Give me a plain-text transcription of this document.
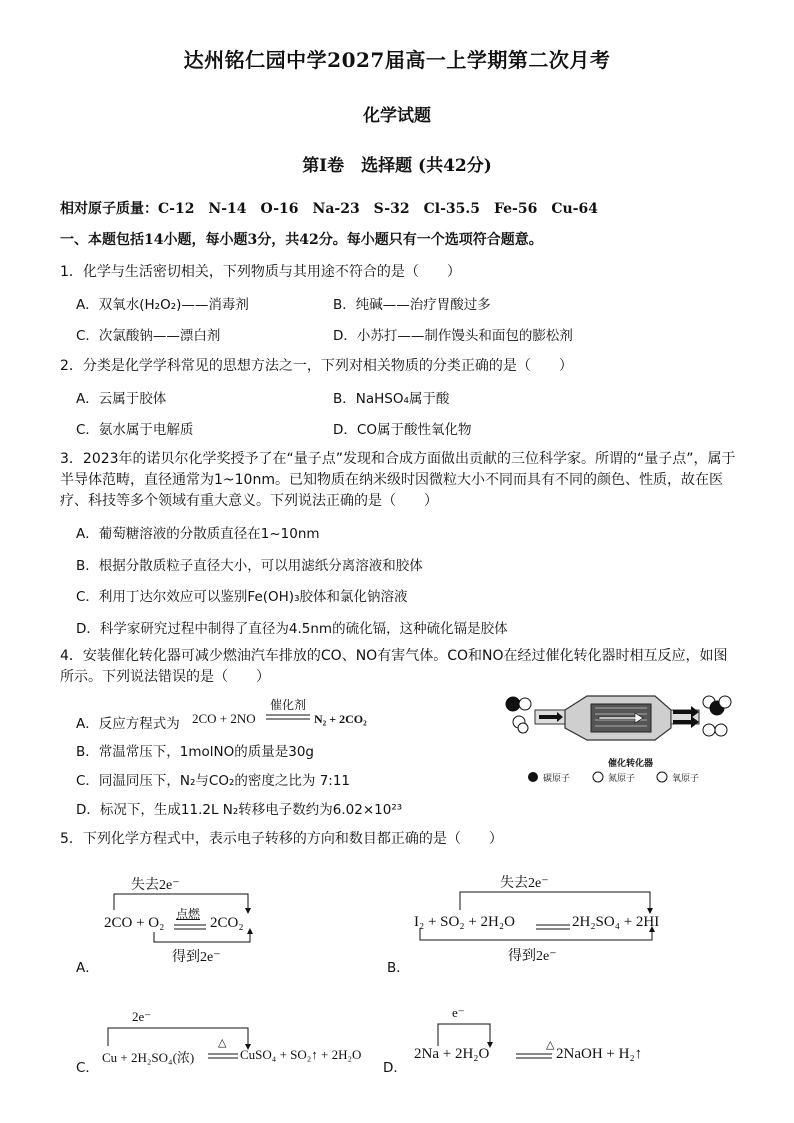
达州铭仁园中学2027届高一上学期第二次月考
化学试题
第I卷　选择题 (共42分)
相对原子质量：C-12　N-14　O-16　Na-23　S-32　Cl-35.5　Fe-56　Cu-64
一、本题包括14小题，每小题3分，共42分。每小题只有一个选项符合题意。
1．化学与生活密切相关，下列物质与其用途不符合的是（　　）
A．双氧水(H₂O₂)——消毒剂	B．纯碱——治疗胃酸过多
C．次氯酸钠——漂白剂	D．小苏打——制作馒头和面包的膨松剂
2．分类是化学学科常见的思想方法之一，下列对相关物质的分类正确的是（　　）
A．云属于胶体	B．NaHSO₄属于酸
C．氨水属于电解质	D．CO属于酸性氧化物
3．2023年的诺贝尔化学奖授予了在“量子点”发现和合成方面做出贡献的三位科学家。所谓的“量子点”，属于半导体范畴，直径通常为1~10nm。已知物质在纳米级时因微粒大小不同而具有不同的颜色、性质，故在医疗、科技等多个领域有重大意义。下列说法正确的是（　　）
A．葡萄糖溶液的分散质直径在1~10nm
B．根据分散质粒子直径大小，可以用滤纸分离溶液和胶体
C．利用丁达尔效应可以鉴别Fe(OH)₃胶体和氯化钠溶液
D．科学家研究过程中制得了直径为4.5nm的硫化镉，这种硫化镉是胶体
4．安装催化转化器可减少燃油汽车排放的CO、NO有害气体。CO和NO在经过催化转化器时相互反应，如图所示。下列说法错误的是（　　）
A．反应方程式为 2CO + 2NO
催化剂
N₂ + 2CO₂
B．常温常压下，1molNO的质量是30g
C．同温同压下，N₂与CO₂的密度之比为 7:11
D．标况下，生成11.2L N₂转移电子数约为6.02×10²³
催化转化器
碳原子	氮原子	氧原子
5．下列化学方程式中，表示电子转移的方向和数目都正确的是（　　）
失去2e⁻
2CO + O₂
点燃
2CO₂
得到2e⁻
A．
失去2e⁻
I₂ + SO₂ + 2H₂O	2H₂SO₄ + 2HI
得到2e⁻
B．
2e⁻
Cu + 2H₂SO₄(浓)
△
CuSO₄ + SO₂↑ + 2H₂O
C．
e⁻
2Na + 2H₂O
△
2NaOH + H₂↑
D．
